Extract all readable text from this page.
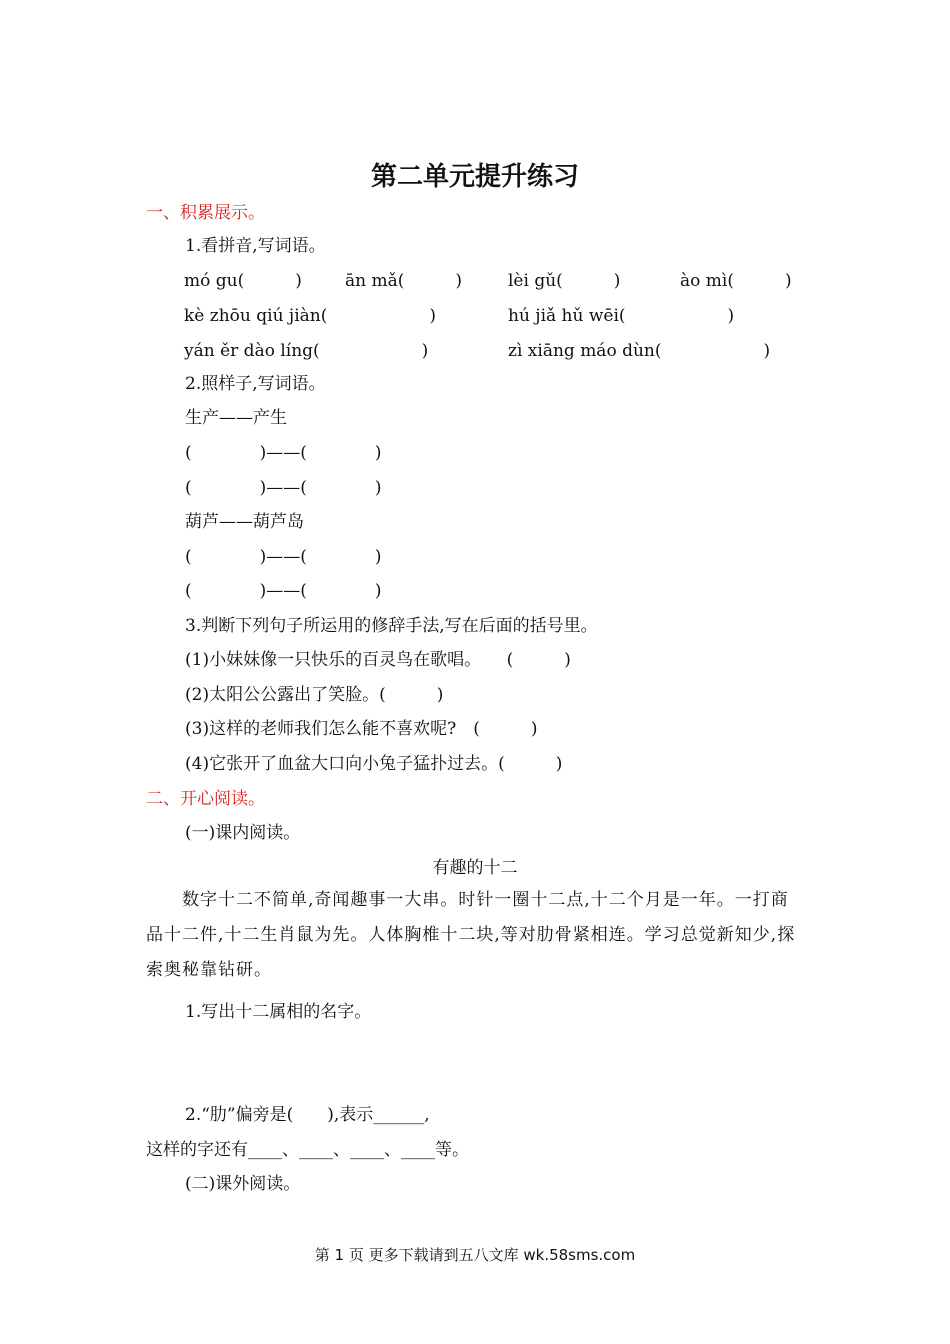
第二单元提升练习
一、积累展示。
1.看拼音,写词语。
mó gu(　　　)	ān mǎ(　　　)	lèi gǔ(　　　)	ào mì(　　　)
kè zhōu qiú jiàn(　　　　　　)	hú jiǎ hǔ wēi(　　　　　　)
yán ěr dào líng(　　　　　　)	zì xiāng máo dùn(　　　　　　)
2.照样子,写词语。
生产——产生
(　　　　)——(　　　　)
(　　　　)——(　　　　)
葫芦——葫芦岛
(　　　　)——(　　　　)
(　　　　)——(　　　　)
3.判断下列句子所运用的修辞手法,写在后面的括号里。
(1)小妹妹像一只快乐的百灵鸟在歌唱。　　(　　　)
(2)太阳公公露出了笑脸。(　　　)
(3)这样的老师我们怎么能不喜欢呢?　(　　　)
(4)它张开了血盆大口向小兔子猛扑过去。(　　　)
二、开心阅读。
(一)课内阅读。
有趣的十二
　　数字十二不简单,奇闻趣事一大串。时针一圈十二点,十二个月是一年。一打商品十二件,十二生肖鼠为先。人体胸椎十二块,等对肋骨紧相连。学习总觉新知少,探索奥秘靠钻研。
1.写出十二属相的名字。
2.“肋”偏旁是(　　),表示______,
这样的字还有____、____、____、____等。
(二)课外阅读。
第 1 页 更多下载请到五八文库 wk.58sms.com
